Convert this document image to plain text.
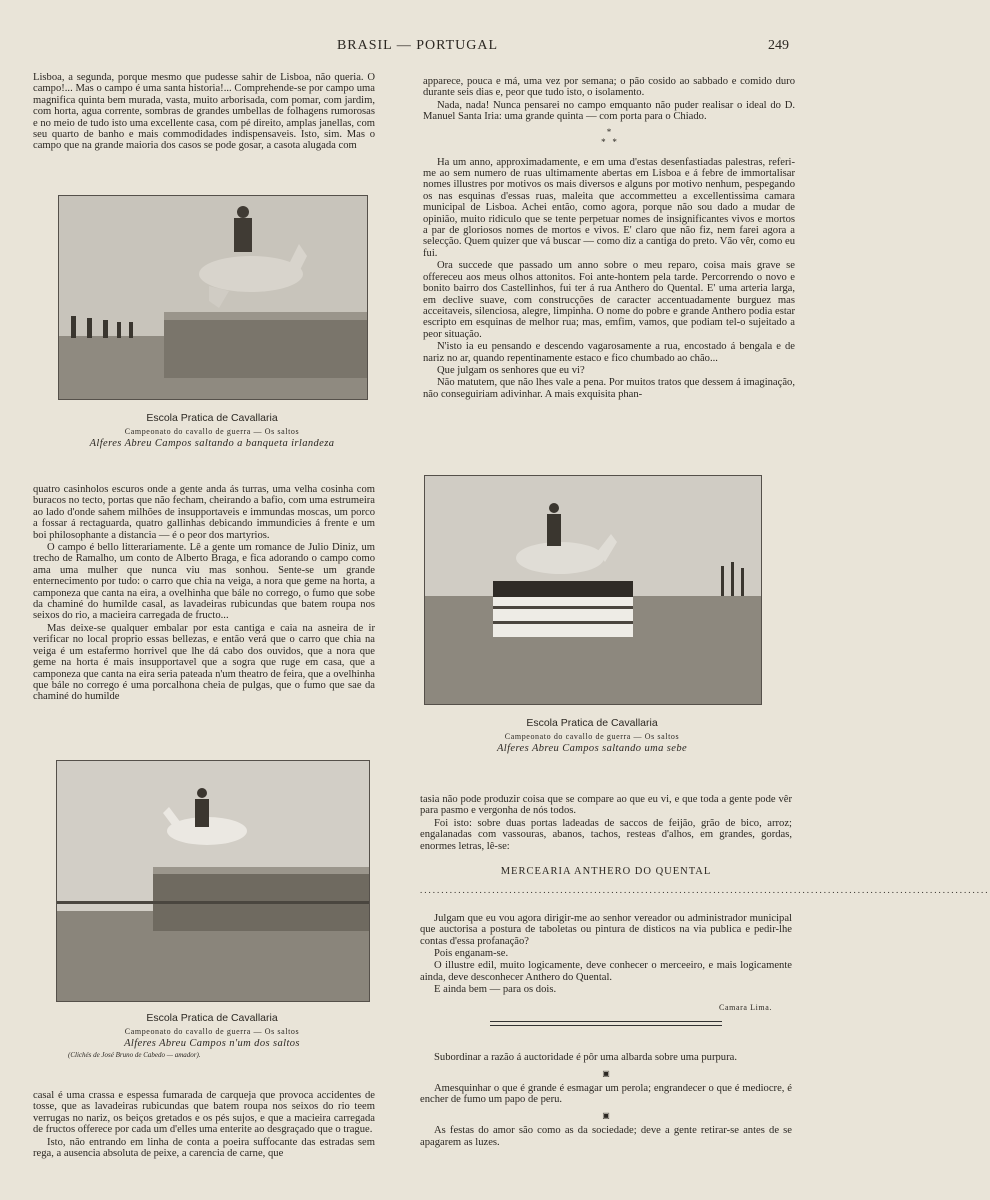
BRASIL — PORTUGAL	249

Lisboa, a segunda, porque mesmo que pudesse sahir de Lisboa, não queria. O campo!... Mas o campo é uma santa historia!... Comprehende-se por campo uma magnifica quinta bem murada, vasta, muito arborisada, com pomar, com jardim, com horta, agua corrente, sombras de grandes umbellas de folhagens rumorosas e no meio de tudo isto uma excellente casa, com pé direito, amplas janellas, com seu quarto de banho e mais commodidades indispensaveis. Isto, sim. Mas o campo que na grande maioria dos casos se pode gosar, a casota alugada com

Escola Pratica de Cavallaria
Campeonato do cavallo de guerra — Os saltos
Alferes Abreu Campos saltando a banqueta irlandeza

quatro casinholos escuros onde a gente anda ás turras, uma velha cosinha com buracos no tecto, portas que não fecham, cheirando a bafio, com uma estrumeira ao lado d'onde sahem milhões de insupportaveis e immundas moscas, um porco a fossar á rectaguarda, quatro gallinhas debicando immundicies á frente e um boi philosophante a distancia — é o peor dos martyrios.

O campo é bello litterariamente. Lê a gente um romance de Julio Diniz, um trecho de Ramalho, um conto de Alberto Braga, e fica adorando o campo como ama uma mulher que nunca viu mas sonhou. Sente-se um grande enternecimento por tudo: o carro que chia na veiga, a nora que geme na horta, a camponeza que canta na eira, a ovelhinha que bále no corrego, o fumo que sobe da chaminé do humilde casal, as lavadeiras rubicundas que batem roupa nos seixos do rio, a macieira carregada de fructo...

Mas deixe-se qualquer embalar por esta cantiga e caia na asneira de ir verificar no local proprio essas bellezas, e então verá que o carro que chia na veiga é um estafermo horrivel que lhe dá cabo dos ouvidos, que a nora que geme na horta é mais insupportavel que a sogra que ruge em casa, que a camponeza que canta na eira seria pateada n'um theatro de feira, que a ovelhinha que bále no corrego é uma porcalhona cheia de pulgas, que o fumo que sae da chaminé do humilde

Escola Pratica de Cavallaria
Campeonato do cavallo de guerra — Os saltos
Alferes Abreu Campos n'um dos saltos
(Clichés de José Bruno de Cabedo — amador).

casal é uma crassa e espessa fumarada de carqueja que provoca accidentes de tosse, que as lavadeiras rubicundas que batem roupa nos seixos do rio teem verrugas no nariz, os beiços gretados e os pés sujos, e que a macieira carregada de fructos offerece por cada um d'elles uma enterite ao desgraçado que o trague.

Isto, não entrando em linha de conta a poeira suffocante das estradas sem rega, a ausencia absoluta de peixe, a carencia de carne, que

apparece, pouca e má, uma vez por semana; o pão cosido ao sabbado e comido duro durante seis dias e, peor que tudo isto, o isolamento.

Nada, nada! Nunca pensarei no campo emquanto não puder realisar o ideal do D. Manuel Santa Iria: uma grande quinta — com porta para o Chiado.

*
*   *

Ha um anno, approximadamente, e em uma d'estas desenfastiadas palestras, referi-me ao sem numero de ruas ultimamente abertas em Lisboa e á febre de immortalisar nomes illustres por motivos os mais diversos e alguns por motivo nenhum, pespegando os nas esquinas d'essas ruas, maleita que accommetteu a excellentissima camara municipal de Lisboa. Achei então, como agora, porque não sou dado a mudar de opinião, muito ridiculo que se tente perpetuar nomes de insignificantes vivos e mortos a par de gloriosos nomes de mortos e vivos. E' claro que não fiz, nem farei agora a selecção. Quem quizer que vá buscar — como diz a cantiga do preto. Vão vêr, como eu fui.

Ora succede que passado um anno sobre o meu reparo, coisa mais grave se offereceu aos meus olhos attonitos. Foi ante-hontem pela tarde. Percorrendo o novo e bonito bairro dos Castellinhos, fui ter á rua Anthero do Quental. E' uma arteria larga, em declive suave, com construcções de caracter accentuadamente burguez mas acceitaveis, silenciosa, alegre, limpinha. O nome do pobre e grande Anthero podia estar escripto em esquinas de melhor rua; mas, emfim, vamos, que podiam tel-o sujeitado a peor situação.

N'isto ia eu pensando e descendo vagarosamente a rua, encostado á bengala e de nariz no ar, quando repentinamente estaco e fico chumbado ao chão...

Que julgam os senhores que eu vi?

Não matutem, que não lhes vale a pena. Por muitos tratos que dessem á imaginação, não conseguiriam adivinhar. A mais exquisita phan-

Escola Pratica de Cavallaria
Campeonato do cavallo de guerra — Os saltos
Alferes Abreu Campos saltando uma sebe

tasia não pode produzir coisa que se compare ao que eu vi, e que toda a gente pode vêr para pasmo e vergonha de nós todos.

Foi isto: sobre duas portas ladeadas de saccos de feijão, grão de bico, arroz; engalanadas com vassouras, abanos, tachos, resteas d'alhos, em grandes, gordas, enormes letras, lê-se:

MERCEARIA ANTHERO DO QUENTAL
......................................................................................................................................

Julgam que eu vou agora dirigir-me ao senhor vereador ou administrador municipal que auctorisa a postura de taboletas ou pintura de disticos na via publica e pedir-lhe contas d'essa profanação?

Pois enganam-se.

O illustre edil, muito logicamente, deve conhecer o merceeiro, e mais logicamente ainda, deve desconhecer Anthero do Quental.

E ainda bem — para os dois.

Camara Lima.

Subordinar a razão á auctoridade é pôr uma albarda sobre uma purpura.

▣

Amesquinhar o que é grande é esmagar um perola; engrandecer o que é mediocre, é encher de fumo um papo de peru.

▣

As festas do amor são como as da sociedade; deve a gente retirar-se antes de se apagarem as luzes.
